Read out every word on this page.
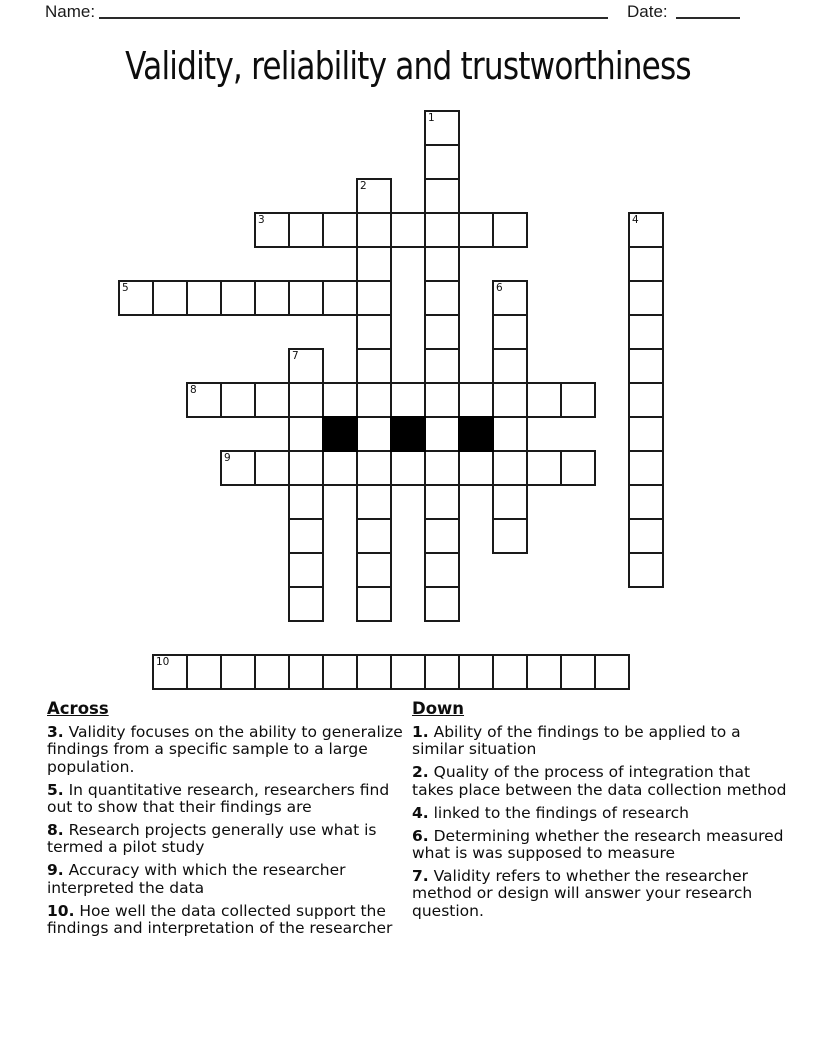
Name:	Date:
Validity, reliability and trustworthiness
1
2
3	4
5	6
7
8
9
10

Across

3. Validity focuses on the ability to generalize findings from a specific sample to a large population.

5. In quantitative research, researchers find out to show that their findings are

8. Research projects generally use what is termed a pilot study

9. Accuracy with which the researcher interpreted the data

10. Hoe well the data collected support the findings and interpretation of the researcher

Down

1. Ability of the findings to be applied to a similar situation

2. Quality of the process of integration that takes place between the data collection method

4. linked to the findings of research

6. Determining whether the research measured what is was supposed to measure

7. Validity refers to whether the researcher method or design will answer your research question.
